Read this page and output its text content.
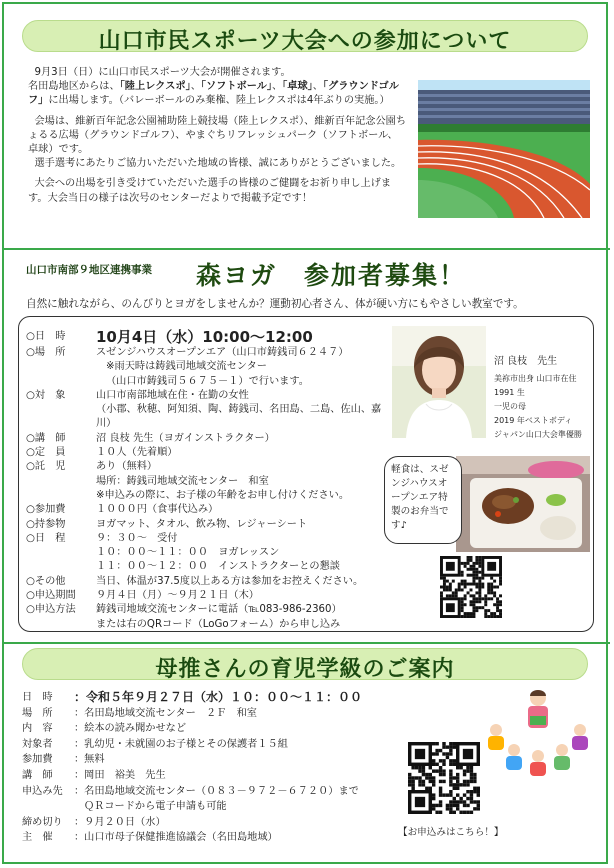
山口市民スポーツ大会への参加について

9月3日（日）に山口市民スポーツ大会が開催されます。

名田島地区からは、「陸上レクスポ」、「ソフトボール」、「卓球」、「グラウンドゴルフ」に出場します。（バレーボールのみ棄権、陸上レクスポは4年ぶりの実施。）

会場は、維新百年記念公園補助陸上競技場（陸上レクスポ）、維新百年記念公園ちょるる広場（グラウンドゴルフ）、やまぐちリフレッシュパーク（ソフトボール、卓球）です。

選手選考にあたりご協力いただいた地域の皆様、誠にありがとうございました。

大会への出場を引き受けていただいた選手の皆様のご健闘をお祈り申し上げます。大会当日の様子は次号のセンターだよりで掲載予定です！

山口市南部９地区連携事業 森ヨガ　参加者募集！
自然に触れながら、のんびりとヨガをしませんか？運動初心者さん、体が硬い方にもやさしい教室です。
○日　時	10月4日（水）10:00～12:00
○場　所	スゼンジハウスオープンエア（山口市鋳銭司６２４７）
※雨天時は鋳銭司地域交流センター
（山口市鋳銭司５６７５－１）で行います。
○対　象	山口市南部地域在住・在勤の女性
（小郡、秋穂、阿知須、陶、鋳銭司、名田島、二島、佐山、嘉川）
○講　師	沼 良枝 先生（ヨガインストラクター）
○定　員	１０人（先着順）
○託　児	あり（無料）
場所：鋳銭司地域交流センター　和室
※申込みの際に、お子様の年齢をお申し付けください。
○参加費	１０００円（食事代込み）
○持参物	ヨガマット、タオル、飲み物、レジャーシート
○日　程	９：３０～　受付
１０：００～１１：００　ヨガレッスン
１１：００～１２：００　インストラクターとの懇談
○その他	当日、体温が37.5度以上ある方は参加をお控えください。
○申込期間	９月４日（月）～９月２１日（木）
○申込方法	鋳銭司地域交流センターに電話（℡083-986-2360）
または右のQRコード（LoGoフォーム）から申し込み
沼 良枝　先生
美祢市出身 山口市在住
1991 生
一児の母
2019 年ベストボディ
ジャパン山口大会準優勝
軽食は、スゼンジハウスオープンエア特製のお弁当です♪
母推さんの育児学級のご案内
日　時	：令和５年９月２７日（水）１０：００～１１：００
場　所	：名田島地域交流センター　２Ｆ　和室
内　容	：絵本の読み聞かせなど
対象者	：乳幼児・未就園のお子様とその保護者１５組
参加費	：無料
講　師	：岡田　裕美　先生
申込み先	：名田島地域交流センター（０８３－９７２－６７２０）まで
ＱＲコードから電子申請も可能
締め切り	：９月２０日（水）
主　催	：山口市母子保健推進協議会（名田島地域）	【お申込みはこちら！】
